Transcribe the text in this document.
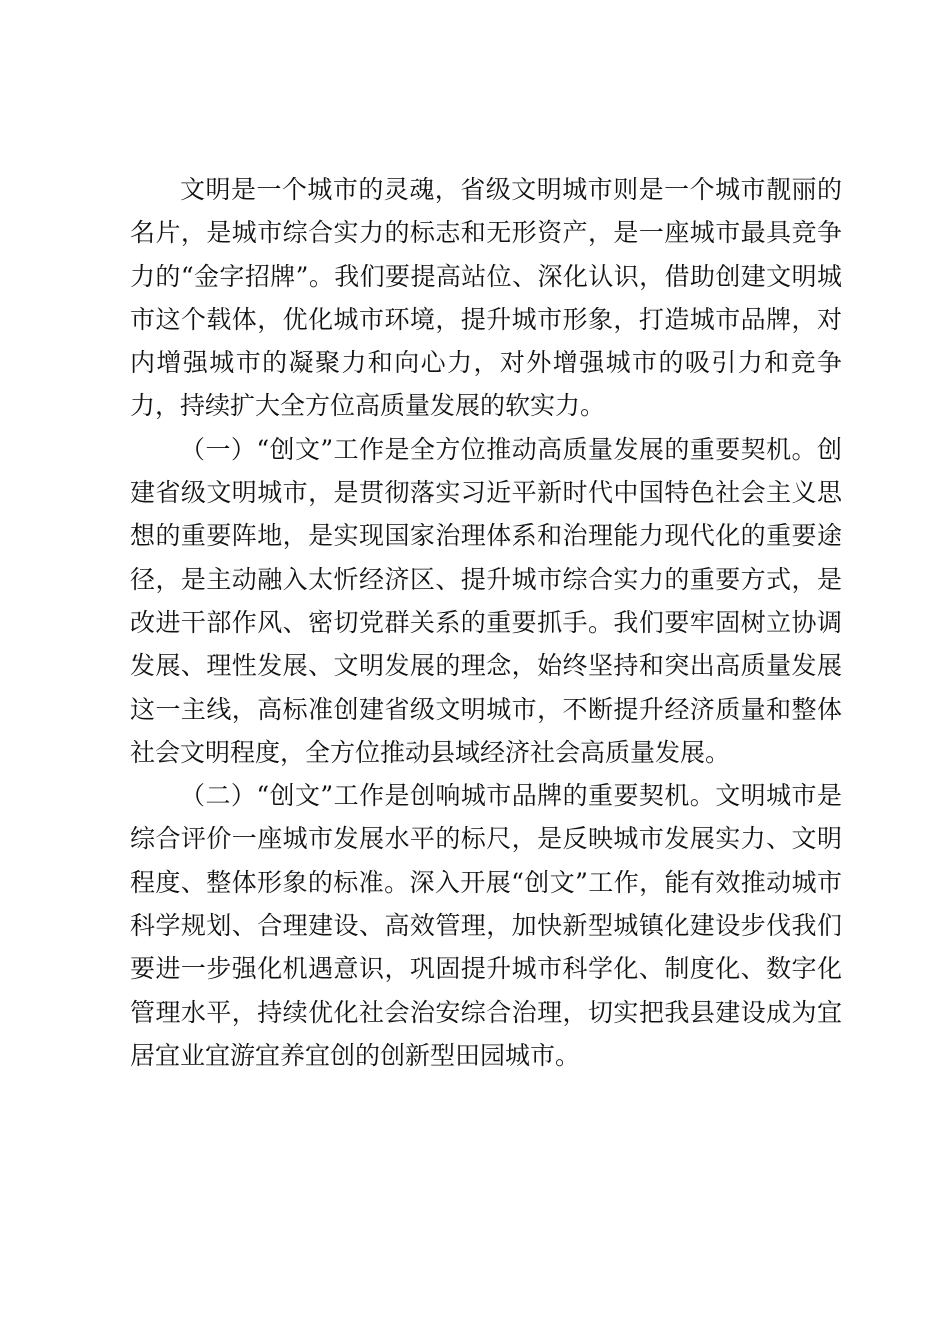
文明是一个城市的灵魂，省级文明城市则是一个城市靓丽的名片，是城市综合实力的标志和无形资产，是一座城市最具竞争力的“金字招牌”。我们要提高站位、深化认识，借助创建文明城市这个载体，优化城市环境，提升城市形象，打造城市品牌，对内增强城市的凝聚力和向心力，对外增强城市的吸引力和竞争力，持续扩大全方位高质量发展的软实力。

（一）“创文”工作是全方位推动高质量发展的重要契机。创建省级文明城市，是贯彻落实习近平新时代中国特色社会主义思想的重要阵地，是实现国家治理体系和治理能力现代化的重要途径，是主动融入太忻经济区、提升城市综合实力的重要方式，是改进干部作风、密切党群关系的重要抓手。我们要牢固树立协调发展、理性发展、文明发展的理念，始终坚持和突出高质量发展这一主线，高标准创建省级文明城市，不断提升经济质量和整体社会文明程度，全方位推动县域经济社会高质量发展。

（二）“创文”工作是创响城市品牌的重要契机。文明城市是综合评价一座城市发展水平的标尺，是反映城市发展实力、文明程度、整体形象的标准。深入开展“创文”工作，能有效推动城市科学规划、合理建设、高效管理，加快新型城镇化建设步伐我们要进一步强化机遇意识，巩固提升城市科学化、制度化、数字化管理水平，持续优化社会治安综合治理，切实把我县建设成为宜居宜业宜游宜养宜创的创新型田园城市。
